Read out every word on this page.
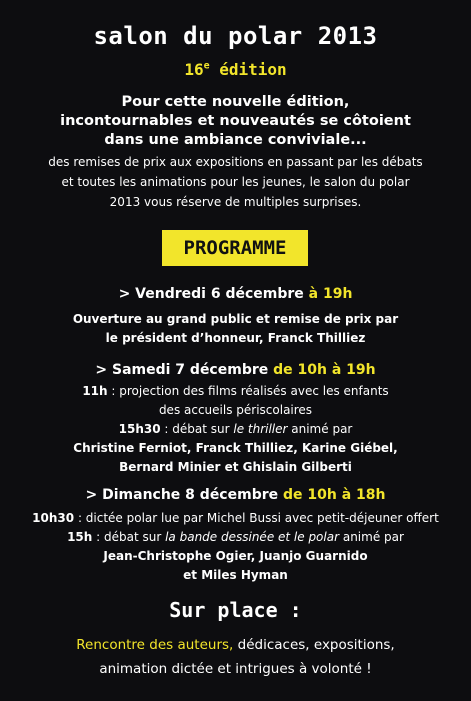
salon du polar 2013
16e édition
Pour cette nouvelle édition,
incontournables et nouveautés se côtoient
dans une ambiance conviviale...
des remises de prix aux expositions en passant par les débats
et toutes les animations pour les jeunes, le salon du polar
2013 vous réserve de multiples surprises.
PROGRAMME
> Vendredi 6 décembre à 19h
Ouverture au grand public et remise de prix par
le président d’honneur, Franck Thilliez
> Samedi 7 décembre de 10h à 19h
11h : projection des films réalisés avec les enfants
des accueils périscolaires
15h30 : débat sur le thriller animé par
Christine Ferniot, Franck Thilliez, Karine Giébel,
Bernard Minier et Ghislain Gilberti
> Dimanche 8 décembre de 10h à 18h
10h30 : dictée polar lue par Michel Bussi avec petit-déjeuner offert
15h : débat sur la bande dessinée et le polar animé par
Jean-Christophe Ogier, Juanjo Guarnido
et Miles Hyman
Sur place :
Rencontre des auteurs, dédicaces, expositions,
animation dictée et intrigues à volonté !
